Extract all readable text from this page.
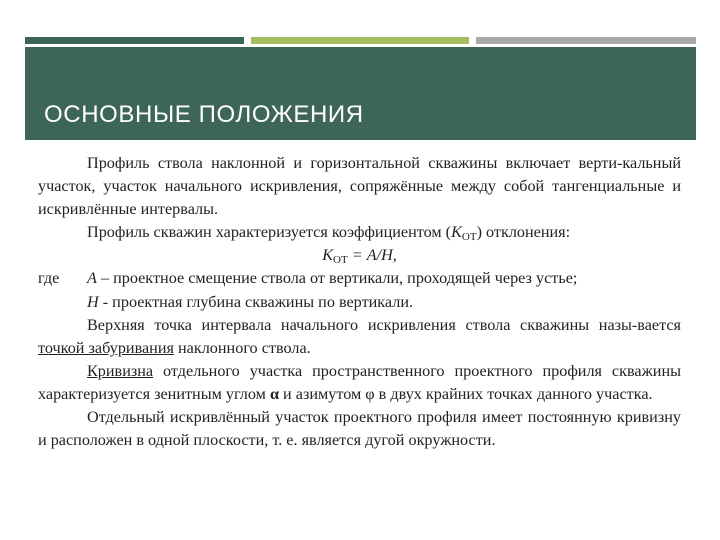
ОСНОВНЫЕ ПОЛОЖЕНИЯ

Профиль ствола наклонной и горизонтальной скважины включает верти-кальный участок, участок начального искривления, сопряжённые между собой тангенциальные и искривлённые интервалы.

Профиль скважин характеризуется коэффициентом $(K_{ОТ})$ отклонения:

$K_{ОТ} = A/H$,

где	A – проектное смещение ствола от вертикали, проходящей через устье;

H - проектная глубина скважины по вертикали.

Верхняя точка интервала начального искривления ствола скважины назы-вается точкой забуривания наклонного ствола.

Кривизна отдельного участка пространственного проектного профиля скважины характеризуется зенитным углом α и азимутом φ в двух крайних точках данного участка.

Отдельный искривлённый участок проектного профиля имеет постоянную кривизну и расположен в одной плоскости, т. е. является дугой окружности.
